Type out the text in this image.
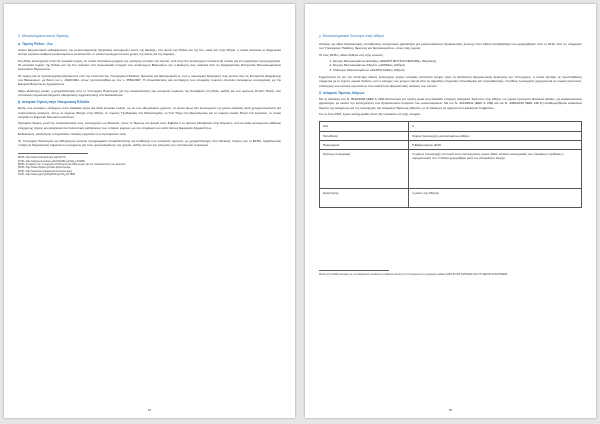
2. Μουσουλμάνοι εκτός Θράκης
α. Τέμενη Ρόδου - Κω

Χώροι θρησκευτικού ενδιαφέροντος της μουσουλμανικής θρησκείας λειτουργούν εκτός της Θράκης, στα νησιά της Ρόδου και της Κω, αλλά και στην Αθήνα, η οποία αποτελεί το διαχρονικό κέντρο μεγάλου αριθμού μουσουλμάνων μεταναστών, οι οποίοι προέρχονται από χώρες της Ασίας και της Αφρικής.

Στη Ρόδο λειτουργούν επτά (7) ιστορικά τεμένη, τα οποία αποτελούν μνημεία της νεότερης ιστορίας του νησιού, ενώ στην Κω λειτουργούν τέσσερα (4) τεμένη και ένα μικρότερο προσευχητάριο. Τα ιστορικά τεμένη της Ρόδου και της Κω ανήκουν στα περιουσιακά στοιχεία των αντίστοιχων Βακουφίων και η διοίκησή τους ασκείται από τις Διαχειριστικές Επιτροπές Μουσουλμανικών Κοινοτικών Περιουσιών.

Τα τεμένη και τα προσευχητάρια βρίσκονται υπό την εποπτεία του Υπουργείου Παιδείας, Έρευνας και Θρησκευμάτων, ενώ η οικονομική διαχείρισή τους γίνεται από τις Επιτροπές Διαχείρισης των Βακουφίων, με βάση τον ν. 1922/1991, όπως τροποποιήθηκε με τον ν. 3554/2007. Η αποκατάσταση και συντήρηση των ιστορικών τεμενών αποτελεί αντικείμενο συνεργασίας με την Εφορεία Βυζαντινών Αρχαιοτήτων.

Αξίζει ιδιαίτερης μνείας η χρηματοδότηση από το Υπουργείο Πολιτισμού για την αποκατάσταση του ιστορικού τεμένους του Σουλεϊμάν στη Ρόδο, καθώς και του τεμένους Ρετζέπ Πασά, που αποτελούν σημαντικά δείγματα οθωμανικής αρχιτεκτονικής στα Δωδεκάνησα.

β. Ιστορικά Τεμένη στην Ηπειρωτική Ελλάδα

Εκτός των ανωτέρω, υπάρχουν στον ελλαδικό χώρο και άλλα ιστορικά τεμένη, ως εκ των οθωμανικών χρόνων, τα οποία όμως δεν λειτουργούν ως χώροι λατρείας αλλά χρησιμοποιούνται για πολιτιστικούς σκοπούς, όπως το τέμενος Φετιχιέ στην Αθήνα, το τέμενος Τζισδαράκη στο Μοναστηράκι, το Γενί Τζαμί στη Θεσσαλονίκη και το τέμενος Ασλάν Πασά στα Ιωάννινα, το οποίο στεγάζει το Δημοτικό Μουσείο Ιωαννίνων.

Ορισμένα Τεμένη, μετά την αποκατάστασή τους, λειτουργούν ως Μουσεία, όπως το Τέμενος του Ιμαρέτ στην Καβάλα ή το τέμενος Μπαϊρακλί στην Κάρυστο, ενώ σε άλλα λειτουργούν εκθέσεις σύγχρονης τέχνης και φιλοξενούνται πολιτιστικές εκδηλώσεις των τοπικών φορέων, με την επιμέλεια των κατά τόπους Εφορειών Αρχαιοτήτων.

Ενδεικτικώς, καταλόγισε ο παραπάνω πίνακας εργασιών των πρόσφατων ετών.

Το Υπουργείο Πολιτισμού και Αθλητισμού εκπονεί προγράμματα αποκατάστασης και ανάδειξης των ιστορικών τεμενών, με χρηματοδότηση από εθνικούς πόρους και το ΕΣΠΑ, λαμβάνοντας υπόψη τη θρησκευτική σημασία των μνημείων για τους μουσουλμάνους της χώρας, καθώς και για την ενίσχυση του πολιτιστικού τουρισμού.

86 Βλ. http://www.mufti.gr/index.php?id=76
87 Βλ. http://odysseus.culture.gr/h/2/gh251.jsp?obj_id=4898
88 Βλ. Απόφαση του Υπουργείου Πολιτισμού και Αθλητισμού για την αποκατάσταση του τεμένους
89 Βλ. http://www.rhodes.gr/index.php/mnimeia
90 Βλ. http://www.kos.gr/pages/monuments.aspx
91 Βλ. http://www.yppo.gr/4/g4154.jsp?obj_id=7826
64
γ. Μουσουλμανικοί Σύλλογοι στην Αθήνα

Αιτήσεις για έδρα θρησκευτικής συνάθροισης λατρευτικού χαρακτήρα για μουσουλμάνους θρησκευτικής ένωσης στην Αθήνα υποβλήθηκαν και χορηγήθηκαν από το 2015, από τις υπηρεσίες του Υπουργείου Παιδείας, Έρευνας και Θρησκευμάτων, στους εξής φορείς:

Το έτος 2015 η άδεια δόθηκε στις εξής ενώσεις:

1. Ένωση Μουσουλμάνων Ελλάδος «ΕΝΩΣΗ ΜΟΥΣΟΥΛΜΑΝΩΝ» (Πειραιώς)
2. Ένωση Μουσουλμάνων Αθηνών «ΑΣΠΙΔΑ» (Αθήνα)
3. Σύλλογος Μουσουλμάνων «ΖΑΧΙΡΑ ΚΑΡΑ» (Αθήνα)

Σημειώνεται ότι για την απόκτηση άδειας λειτουργίας χώρου λατρείας απαιτείται αίτηση προς τη Διεύθυνση Θρησκευτικής Διοίκησης του Υπουργείου, η οποία εξετάζει τις προϋποθέσεις σύμφωνα με το ισχύον νομικό πλαίσιο, ενώ ο έλεγχος των χώρων γίνεται από τις αρμόδιες υπηρεσίες πολεοδομίας και πυροσβεστικής. Οι άδειες λειτουργίας χορηγούνται σε νομικά πρόσωπα, συλλόγους και ενώσεις προσώπων που καλύπτουν θρησκευτικές ανάγκες των πιστών.

δ. Ισλαμικό Τέμενος Αθηνών

Με τις διατάξεις του Ν. 3512/2006 (ΦΕΚ Α' 264) θεσπίστηκε για πρώτη φορά στην Ελλάδα η ίδρυση Ισλαμικού Τεμένους στην Αθήνα, ως νομικό πρόσωπο ιδιωτικού δικαίου, μη κερδοσκοπικού χαρακτήρα, με σκοπό την εξυπηρέτηση των θρησκευτικών αναγκών των μουσουλμάνων. Με τον Ν. 4014/2011 (ΦΕΚ Α' 209) και τον Ν. 4480/2016 (ΦΕΚ 148 Α') αναθεωρήθηκαν ειδικότερα θέματα της ανέγερσης και της λειτουργίας του Ισλαμικού Τεμένους Αθηνών, με τη διοίκηση να ορίζεται από Διοικητικό Συμβούλιο.

Για το έτος 2015, έχουν καταχωρηθεί πέντε (5) παρακάτω τα εξής στοιχεία:

Α/Α	1.
Τοποθεσία	Χώρος προσευχής μουσουλμάνων Αθήνα
Ημερομηνία	5 Φεβρουαρίου 2015
Σύντομη περιγραφή	Ο χώρος προσευχής επί σειρά ετών λειτουργούσε χωρίς άδεια, κατόπιν καταγγελίας των περιοίκων ζητήθηκε η νομιμοποίησή του. Η άδεια χορηγήθηκε μετά τον απαραίτητο έλεγχο.
Δράστης/ες	1 μέλος της Αθήνας
92 Ως και το 2016 τέσσερις εκ των διοικητικών συλλόγων υπέβαλαν αίτηση στο Υπουργείο για τη χορήγηση άδειας ΚΑΤΑ ΙΟΥΡΣ ΛΑΤΡΕΙΑΣ ΑΛΛ ΤΗ ΘΕΣΗΣ ΑΠΑΙΤΗΣΕΩΣ
65
